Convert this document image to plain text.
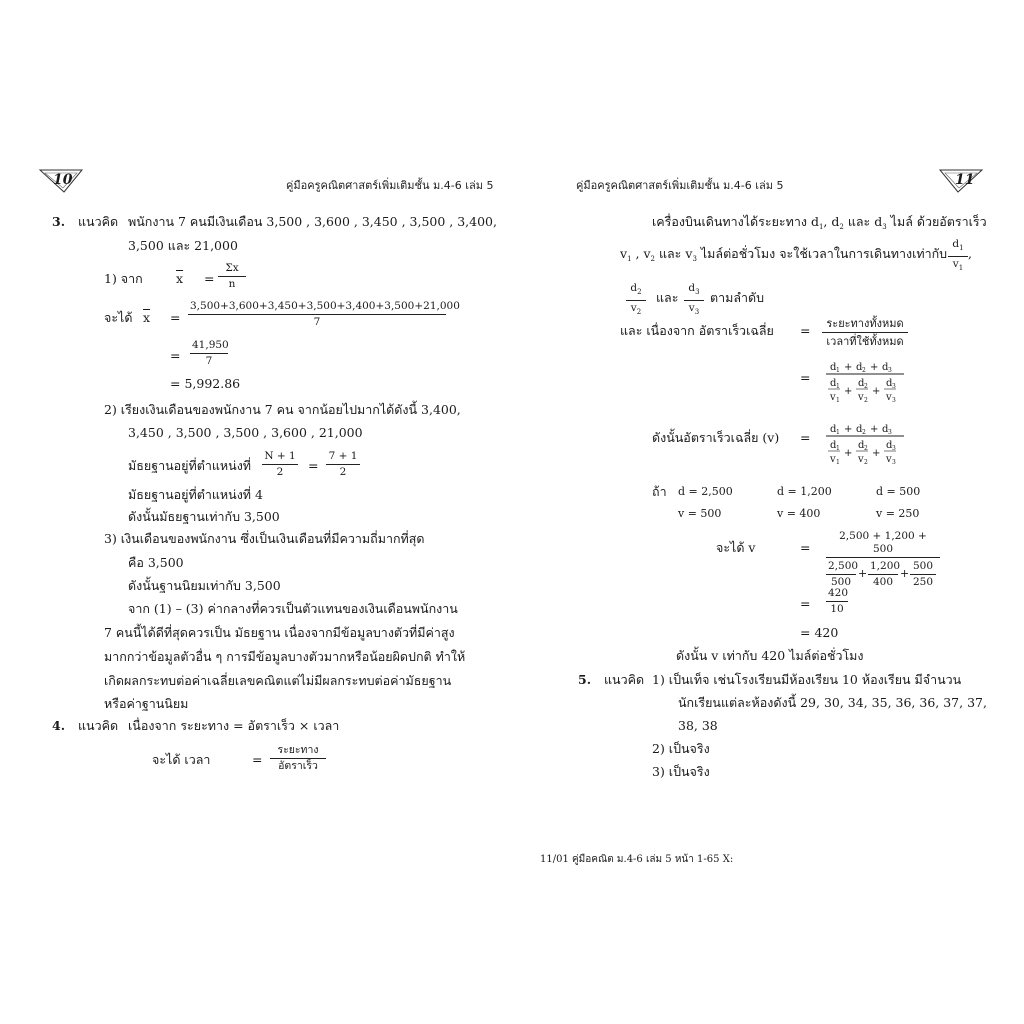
10	คู่มือครูคณิตศาสตร์เพิ่มเติมชั้น ม.4-6 เล่ม 5	คู่มือครูคณิตศาสตร์เพิ่มเติมชั้น ม.4-6 เล่ม 5	11
3. แนวคิด พนักงาน 7 คนมีเงินเดือน 3,500 , 3,600 , 3,450 , 3,500 , 3,400,
3,500 และ 21,000
1) จาก	$\overline{x} = \frac{\Sigma x}{n}$
จะได้ $\overline{x} = \frac{3,500+3,600+3,450+3,500+3,400+3,500+21,000}{7}$
= $\frac{41,950}{7}$
= 5,992.86
2) เรียงเงินเดือนของพนักงาน 7 คน จากน้อยไปมากได้ดังนี้ 3,400,
3,450 , 3,500 , 3,500 , 3,600 , 21,000
มัธยฐานอยู่ที่ตำแหน่งที่ $\frac{N + 1}{2} = \frac{7 + 1}{2}$
มัธยฐานอยู่ที่ตำแหน่งที่ 4
ดังนั้นมัธยฐานเท่ากับ 3,500
3) เงินเดือนของพนักงาน ซึ่งเป็นเงินเดือนที่มีความถี่มากที่สุด
คือ 3,500
ดังนั้นฐานนิยมเท่ากับ 3,500
จาก (1) – (3) ค่ากลางที่ควรเป็นตัวแทนของเงินเดือนพนักงาน
7 คนนี้ได้ดีที่สุดควรเป็น มัธยฐาน เนื่องจากมีข้อมูลบางตัวที่มีค่าสูง
มากกว่าข้อมูลตัวอื่น ๆ การมีข้อมูลบางตัวมากหรือน้อยผิดปกติ ทำให้
เกิดผลกระทบต่อค่าเฉลี่ยเลขคณิตแต่ไม่มีผลกระทบต่อค่ามัธยฐาน
หรือค่าฐานนิยม
4. แนวคิด เนื่องจาก ระยะทาง = อัตราเร็ว × เวลา
จะได้ เวลา	=
ระยะทาง
อัตราเร็ว
เครื่องบินเดินทางได้ระยะทาง $d_1$, $d_2$ และ $d_3$ ไมล์ ด้วยอัตราเร็ว
$v_1$ , $v_2$ และ $v_3$ ไมล์ต่อชั่วโมง จะใช้เวลาในการเดินทางเท่ากับ $\frac{d_1}{v_1}$ ,
$\frac{d_2}{v_2}$ และ $\frac{d_3}{v_3}$ ตามลำดับ
และ เนื่องจาก อัตราเร็วเฉลี่ย =	ระยะทางทั้งหมด
เวลาที่ใช้ทั้งหมด
=
d 1 + d 2 + d 3
d 1
v 1
+
d 2
v 2
+
d 3
v 3
ดังนั้นอัตราเร็วเฉลี่ย (v) =
d 1 + d 2 + d 3
d 1
v 1
+
d 2
v 2
+
d 3
v 3
ถ้า d = 2,500	d = 1,200	d = 500
v = 500	v = 400	v = 250
จะได้ v	=
2,500 + 1,200 + 500
$\frac{2,500}{500} + \frac{1,200}{400} + \frac{500}{250}$
= $\frac{420}{10}$
= 420
ดังนั้น v เท่ากับ 420 ไมล์ต่อชั่วโมง
5. แนวคิด 1) เป็นเท็จ เช่นโรงเรียนมีห้องเรียน 10 ห้องเรียน มีจำนวน
นักเรียนแต่ละห้องดังนี้ 29, 30, 34, 35, 36, 36, 37, 37,
38, 38
2) เป็นจริง
3) เป็นจริง
11/01 คู่มือคณิต ม.4-6 เล่ม 5 หน้า 1-65 X:
